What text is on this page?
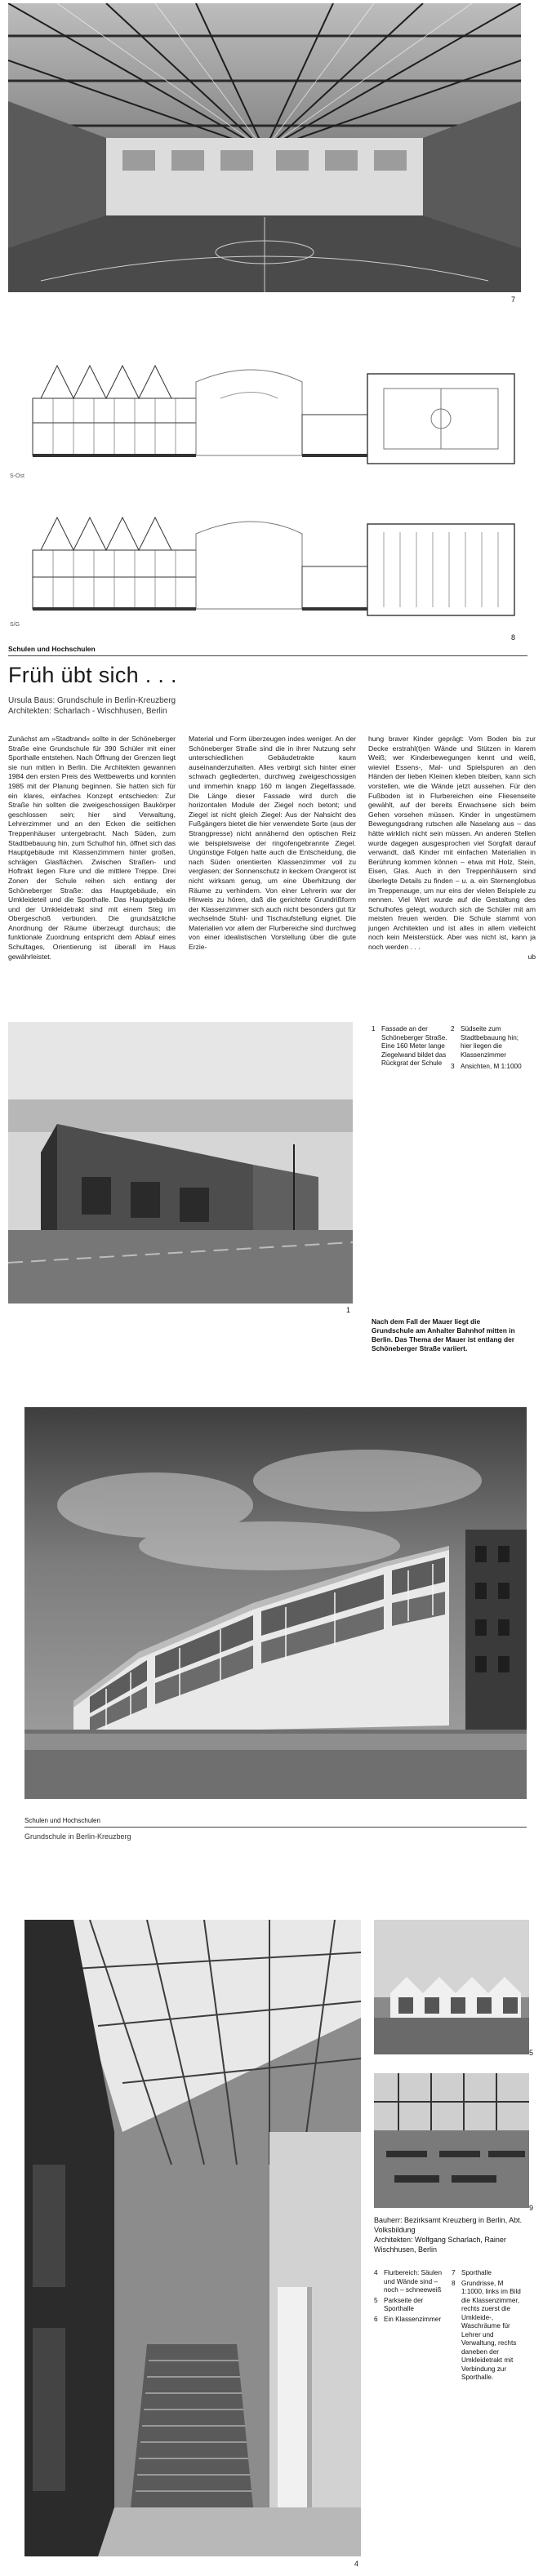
7
S-Ost
S/G
8
Schulen und Hochschulen
Früh übt sich . . .
Ursula Baus: Grundschule in Berlin-Kreuzberg
Architekten: Scharlach - Wischhusen, Berlin

Zunächst am »Stadtrand« sollte in der Schöneberger Straße eine Grundschule für 390 Schüler mit einer Sporthalle entstehen. Nach Öffnung der Grenzen liegt sie nun mitten in Berlin. Die Architekten gewannen 1984 den ersten Preis des Wettbewerbs und konnten 1985 mit der Planung beginnen. Sie hatten sich für ein klares, einfaches Konzept entschieden: Zur Straße hin sollten die zweigeschossigen Baukörper geschlossen sein; hier sind Verwaltung, Lehrerzimmer und an den Ecken die seitlichen Treppenhäuser untergebracht. Nach Süden, zum Stadtbebauung hin, zum Schulhof hin, öffnet sich das Hauptgebäude mit Klassenzimmern hinter großen, schrägen Glasflächen. Zwischen Straßen- und Hoftrakt liegen Flure und die mittlere Treppe. Drei Zonen der Schule reihen sich entlang der Schöneberger Straße: das Hauptgebäude, ein Umkleideteil und die Sporthalle. Das Hauptgebäude und der Umkleidetrakt sind mit einem Steg im Obergeschoß verbunden. Die grundsätzliche Anordnung der Räume überzeugt durchaus; die funktionale Zuordnung entspricht dem Ablauf eines Schultages, Orientierung ist überall im Haus gewährleistet.

Material und Form überzeugen indes weniger. An der Schöneberger Straße sind die in ihrer Nutzung sehr unterschiedlichen Gebäudetrakte kaum auseinanderzuhalten. Alles verbirgt sich hinter einer schwach gegliederten, durchweg zweigeschossigen und immerhin knapp 160 m langen Ziegelfassade. Die Länge dieser Fassade wird durch die horizontalen Module der Ziegel noch betont; und Ziegel ist nicht gleich Ziegel: Aus der Nahsicht des Fußgängers bietet die hier verwendete Sorte (aus der Strangpresse) nicht annähernd den optischen Reiz wie beispielsweise der ringofengebrannte Ziegel. Ungünstige Folgen hatte auch die Entscheidung, die nach Süden orientierten Klassenzimmer voll zu verglasen; der Sonnenschutz in keckem Orangerot ist nicht wirksam genug, um eine Überhitzung der Räume zu verhindern. Von einer Lehrerin war der Hinweis zu hören, daß die gerichtete Grundrißform der Klassenzimmer sich auch nicht besonders gut für wechselnde Stuhl- und Tischaufstellung eignet. Die Materialien vor allem der Flurbereiche sind durchweg von einer idealistischen Vorstellung über die gute Erzie-

hung braver Kinder geprägt: Vom Boden bis zur Decke erstrahl(t)en Wände und Stützen in klarem Weiß; wer Kinderbewegungen kennt und weiß, wieviel Essens-, Mal- und Spielspuren an den Händen der lieben Kleinen kleben bleiben, kann sich vorstellen, wie die Wände jetzt aussehen. Für den Fußboden ist in Flurbereichen eine Fliesenseite gewählt, auf der bereits Erwachsene sich beim Gehen vorsehen müssen. Kinder in ungestümem Bewegungsdrang rutschen alle Naselang aus – das hätte wirklich nicht sein müssen. An anderen Stellen wurde dagegen ausgesprochen viel Sorgfalt darauf verwandt, daß Kinder mit einfachen Materialien in Berührung kommen können – etwa mit Holz, Stein, Eisen, Glas. Auch in den Treppenhäusern sind überlegte Details zu finden – u. a. ein Sternenglobus im Treppenauge, um nur eins der vielen Beispiele zu nennen. Viel Wert wurde auf die Gestaltung des Schulhofes gelegt, wodurch sich die Schüler mit am meisten freuen werden. Die Schule stammt von jungen Architekten und ist alles in allem vielleicht noch kein Meisterstück. Aber was nicht ist, kann ja noch werden . . .

ub

1 Fassade an der Schöneberger Straße. Eine 160 Meter lange Ziegelwand bildet das Rückgrat der Schule
2 Südseite zum Stadtbebauung hin; hier liegen die Klassenzimmer
3 Ansichten, M 1:1000
1
Nach dem Fall der Mauer liegt die Grundschule am Anhalter Bahnhof mitten in Berlin. Das Thema der Mauer ist entlang der Schöneberger Straße variiert.
Schulen und Hochschulen
Grundschule in Berlin-Kreuzberg
4
5
9
Bauherr: Bezirksamt Kreuzberg in Berlin, Abt. Volksbildung
Architekten: Wolfgang Scharlach, Rainer Wischhusen, Berlin
4 Flurbereich: Säulen und Wände sind – noch – schneeweiß
5 Parkseite der Sporthalle
6 Ein Klassenzimmer
7 Sporthalle
8 Grundrisse, M 1:1000, links im Bild die Klassenzimmer, rechts zuerst die Umkleide-, Waschräume für Lehrer und Verwaltung, rechts daneben der Umkleidetrakt mit Verbindung zur Sporthalle.
